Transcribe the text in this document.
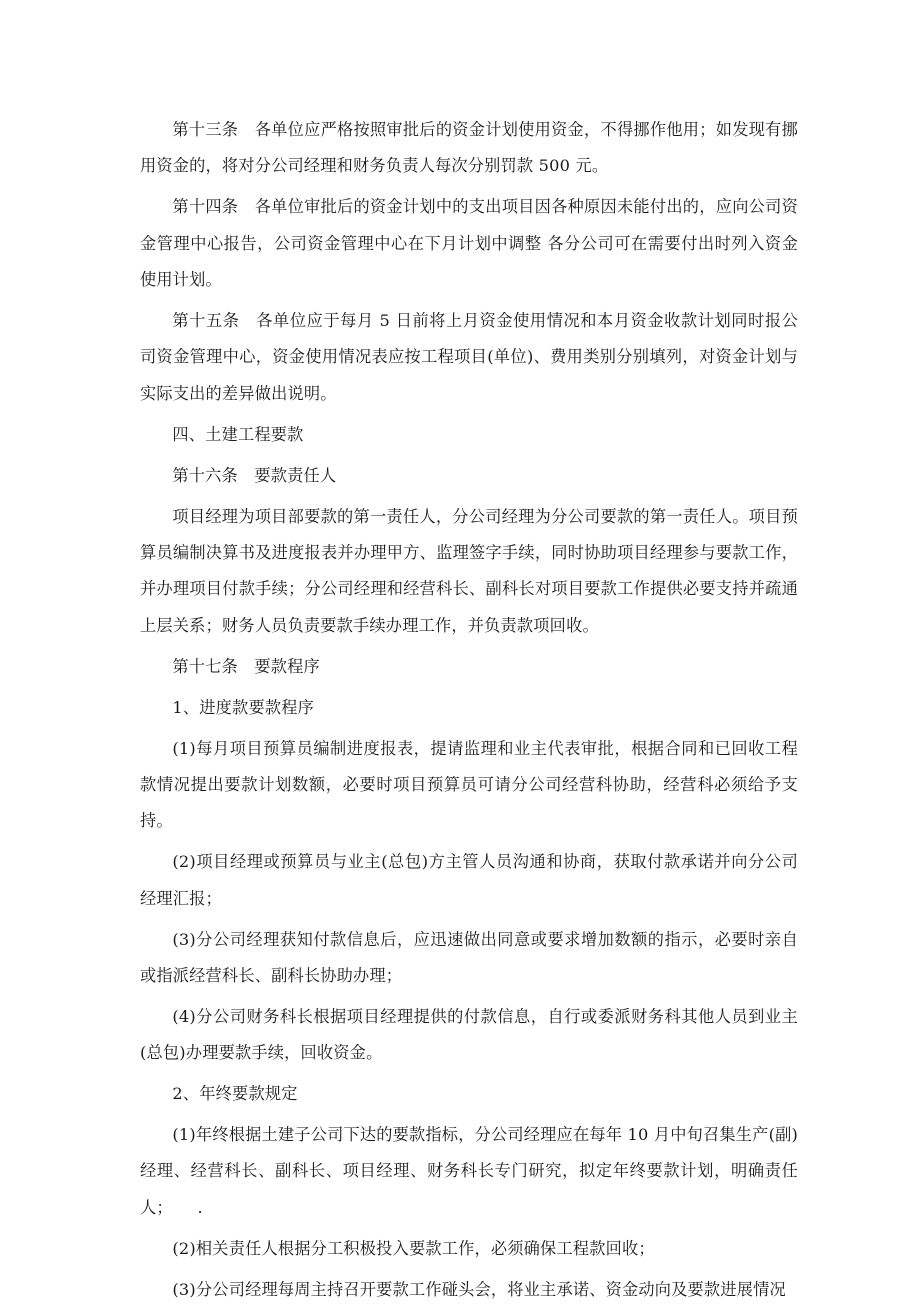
第十三条　各单位应严格按照审批后的资金计划使用资金，不得挪作他用；如发现有挪用资金的，将对分公司经理和财务负责人每次分别罚款 500 元。

第十四条　各单位审批后的资金计划中的支出项目因各种原因未能付出的，应向公司资金管理中心报告，公司资金管理中心在下月计划中调整 各分公司可在需要付出时列入资金使用计划。

第十五条　各单位应于每月 5 日前将上月资金使用情况和本月资金收款计划同时报公司资金管理中心，资金使用情况表应按工程项目(单位)、费用类别分别填列，对资金计划与实际支出的差异做出说明。

四、土建工程要款

第十六条　要款责任人

项目经理为项目部要款的第一责任人，分公司经理为分公司要款的第一责任人。项目预算员编制决算书及进度报表并办理甲方、监理签字手续，同时协助项目经理参与要款工作，并办理项目付款手续；分公司经理和经营科长、副科长对项目要款工作提供必要支持并疏通上层关系；财务人员负责要款手续办理工作，并负责款项回收。

第十七条　要款程序

1、进度款要款程序

(1)每月项目预算员编制进度报表，提请监理和业主代表审批，根据合同和已回收工程款情况提出要款计划数额，必要时项目预算员可请分公司经营科协助，经营科必须给予支持。

(2)项目经理或预算员与业主(总包)方主管人员沟通和协商，获取付款承诺并向分公司经理汇报；

(3)分公司经理获知付款信息后，应迅速做出同意或要求增加数额的指示，必要时亲自或指派经营科长、副科长协助办理；

(4)分公司财务科长根据项目经理提供的付款信息，自行或委派财务科其他人员到业主(总包)办理要款手续，回收资金。

2、年终要款规定

(1)年终根据土建子公司下达的要款指标，分公司经理应在每年 10 月中旬召集生产(副)经理、经营科长、副科长、项目经理、财务科长专门研究，拟定年终要款计划，明确责任人；　　.

(2)相关责任人根据分工积极投入要款工作，必须确保工程款回收；

(3)分公司经理每周主持召开要款工作碰头会，将业主承诺、资金动向及要款进展情况
